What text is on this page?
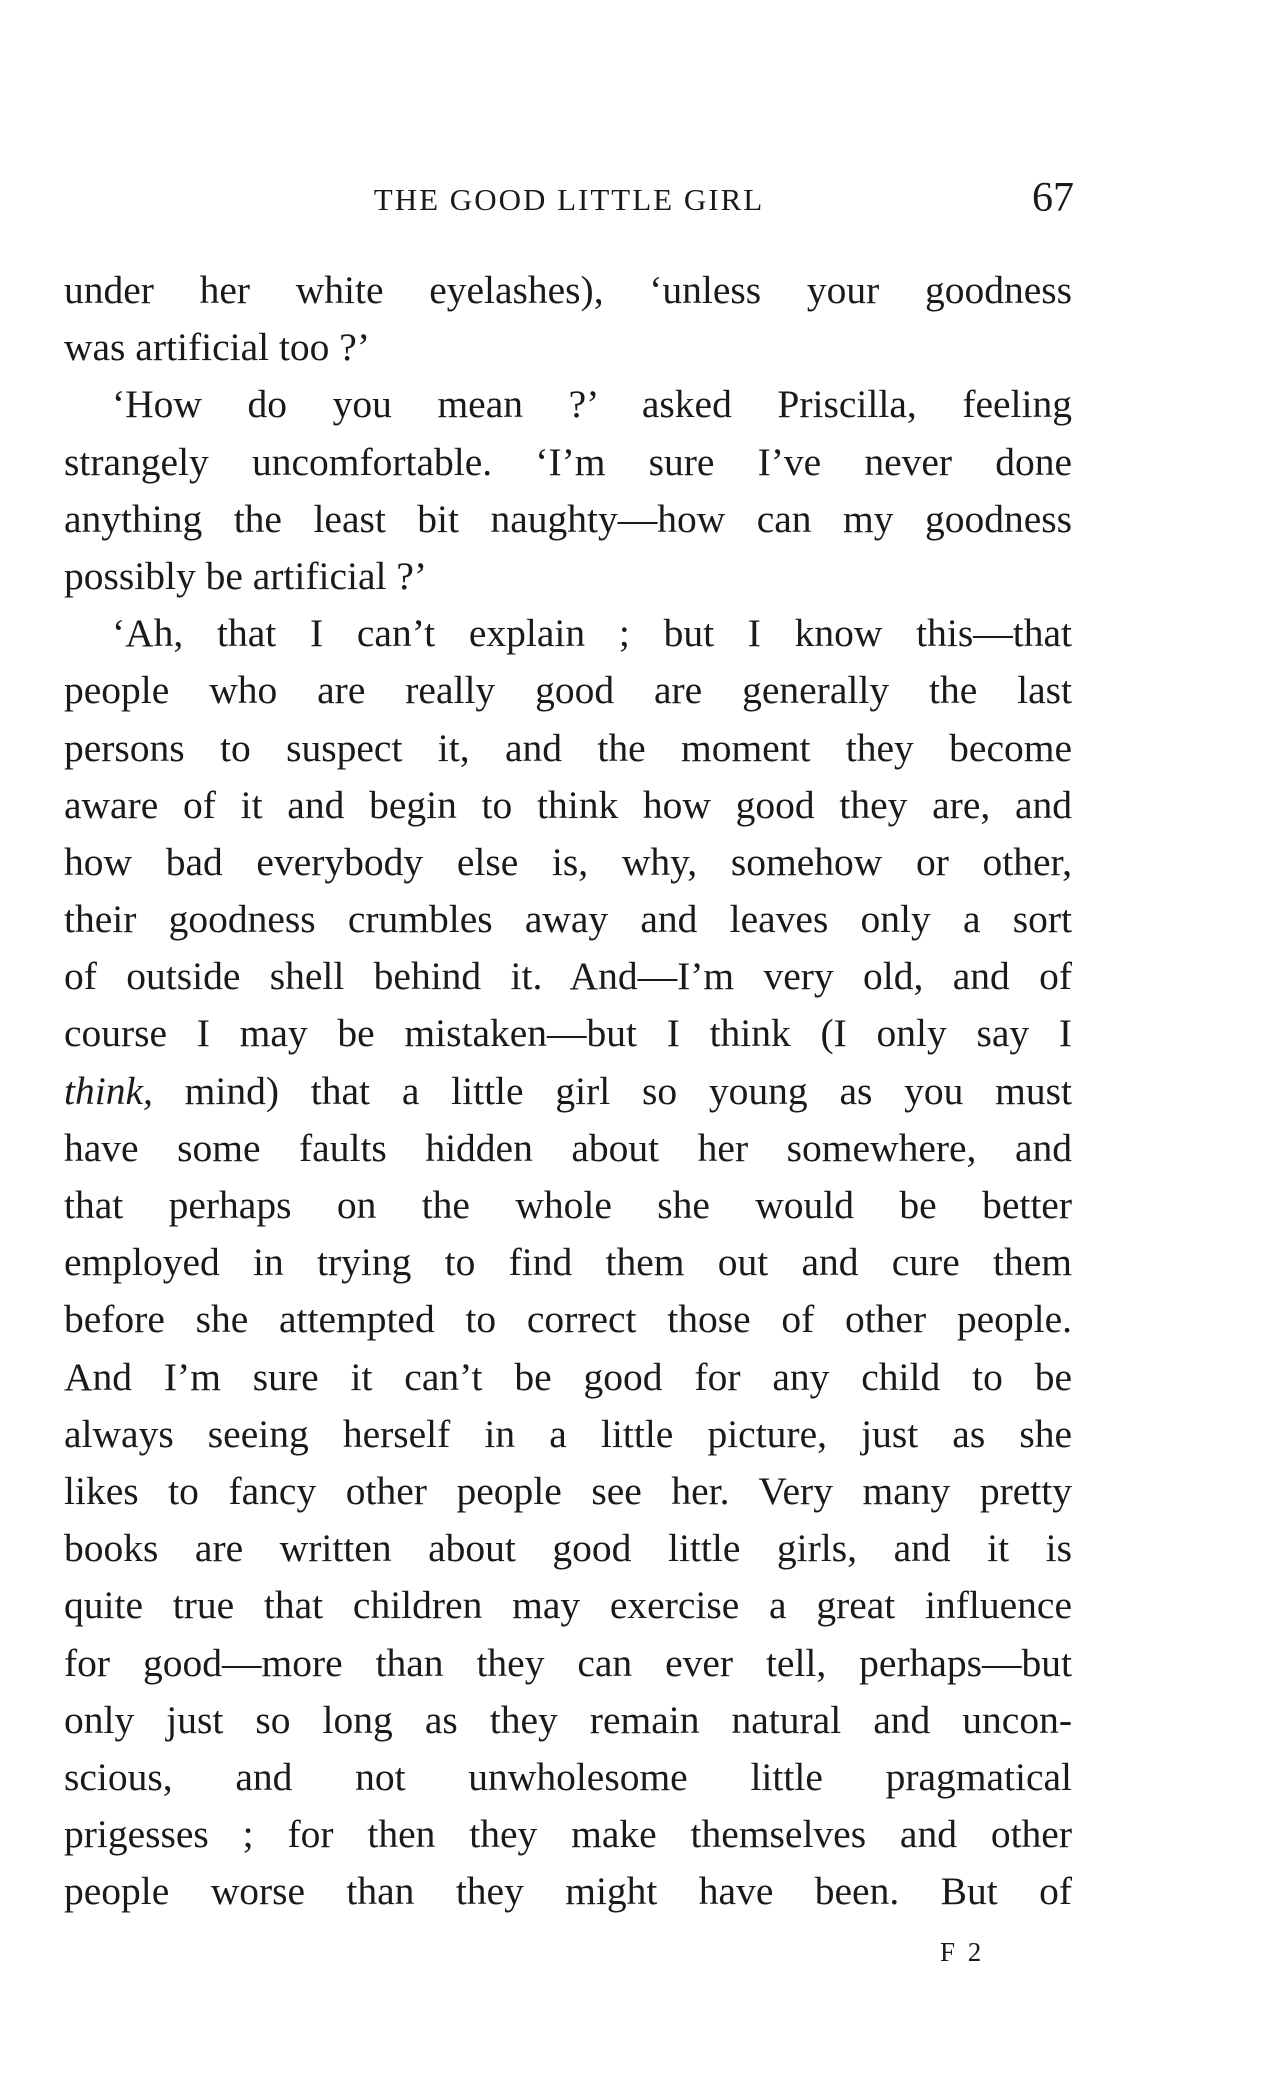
THE GOOD LITTLE GIRL	67
under her white eyelashes), ‘unless your goodness
was artificial too ?’
‘How do you mean ?’ asked Priscilla, feeling
strangely uncomfortable. ‘I’m sure I’ve never done
anything the least bit naughty—how can my goodness
possibly be artificial ?’
‘Ah, that I can’t explain ; but I know this—that
people who are really good are generally the last
persons to suspect it, and the moment they become
aware of it and begin to think how good they are, and
how bad everybody else is, why, somehow or other,
their goodness crumbles away and leaves only a sort
of outside shell behind it. And—I’m very old, and of
course I may be mistaken—but I think (I only say I
think, mind) that a little girl so young as you must
have some faults hidden about her somewhere, and
that perhaps on the whole she would be better
employed in trying to find them out and cure them
before she attempted to correct those of other people.
And I’m sure it can’t be good for any child to be
always seeing herself in a little picture, just as she
likes to fancy other people see her. Very many pretty
books are written about good little girls, and it is
quite true that children may exercise a great influence
for good—more than they can ever tell, perhaps—but
only just so long as they remain natural and uncon-
scious, and not unwholesome little pragmatical
prigesses ; for then they make themselves and other
people worse than they might have been. But of
F 2
